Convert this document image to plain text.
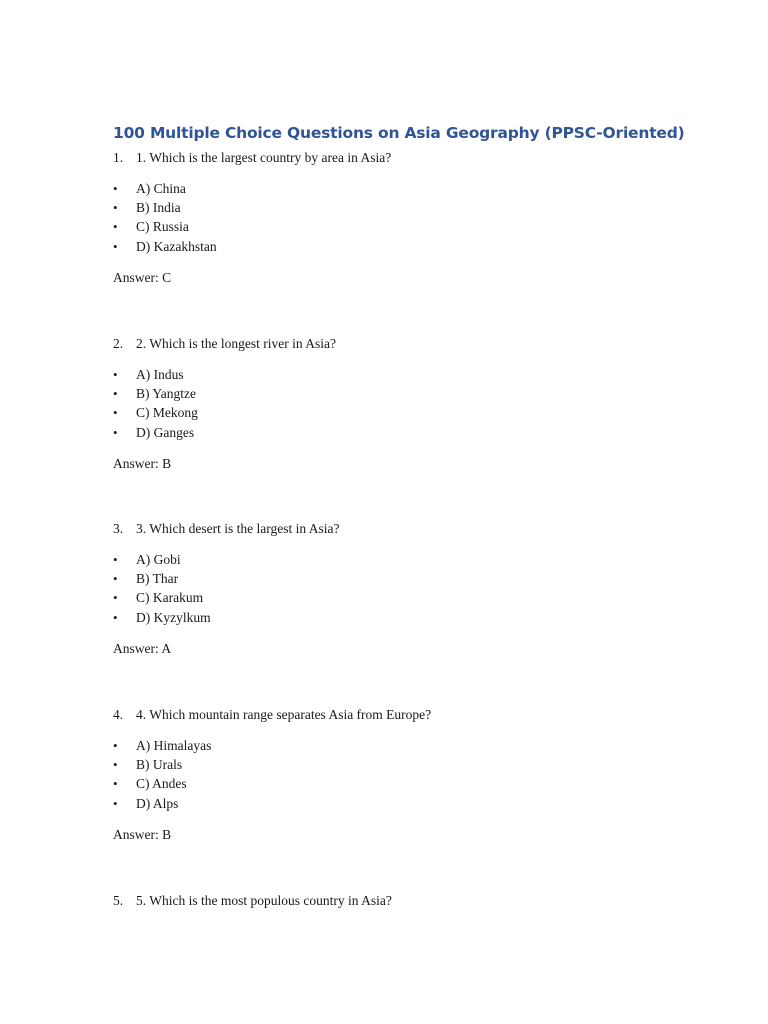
100 Multiple Choice Questions on Asia Geography (PPSC-Oriented)
1. 1. Which is the largest country by area in Asia?
• A) China
• B) India
• C) Russia
• D) Kazakhstan
Answer: C
2. 2. Which is the longest river in Asia?
• A) Indus
• B) Yangtze
• C) Mekong
• D) Ganges
Answer: B
3. 3. Which desert is the largest in Asia?
• A) Gobi
• B) Thar
• C) Karakum
• D) Kyzylkum
Answer: A
4. 4. Which mountain range separates Asia from Europe?
• A) Himalayas
• B) Urals
• C) Andes
• D) Alps
Answer: B
5. 5. Which is the most populous country in Asia?
